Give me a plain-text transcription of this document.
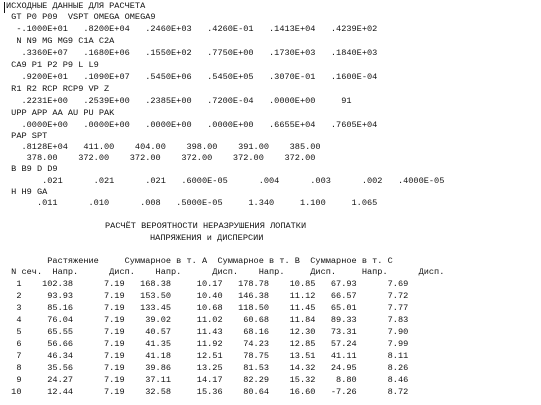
ИСХОДНЫЕ ДАННЫЕ ДЛЯ РАСЧЕТА
GT P0 P09  VSPT OMEGA OMEGA9
-.1000E+01   .8200E+04   .2460E+03   .4260E-01   .1413E+04   .4239E+02
N N9 MG MG9 C1A C2A
.3360E+07   .1680E+06   .1550E+02   .7750E+00   .1730E+03   .1840E+03
CA9 P1 P2 P9 L L9
.9200E+01   .1090E+07   .5450E+06   .5450E+05   .3070E-01   .1600E-04
R1 R2 RCP RCP9 VP Z
.2231E+00   .2539E+00   .2385E+00   .7200E-04   .0000E+00     91
UPP APP AA AU PU PAK
.0000E+00   .0000E+00   .0000E+00   .0000E+00   .6655E+04   .7605E+04
PAP SPT
.8128E+04   411.00    404.00    398.00    391.00    385.00
378.00    372.00    372.00    372.00    372.00    372.00
B B9 D D9
.021      .021      .021   .6000E-05      .004      .003      .002   .4000E-05
H H9 GA
.011      .010      .008   .5000E-05     1.340     1.100     1.065
РАСЧЁТ ВЕРОЯТНОСТИ НЕРАЗРУШЕНИЯ ЛОПАТКИ
НАПРЯЖЕНИЯ и ДИСПЕРСИИ
Растяжение     Суммарное в т. А  Суммарное в т. В  Суммарное в т. С
N сеч.  Напр.      Дисп.    Напр.      Дисп.    Напр.     Дисп.     Напр.      Дисп.
1    102.38      7.19   168.38     10.17   178.78    10.85   67.93      7.69
2     93.93      7.19   153.50     10.40   146.38    11.12   66.57      7.72
3     85.16      7.19   133.45     10.68   118.50    11.45   65.01      7.77
4     76.04      7.19    39.02     11.02    60.68    11.84   89.33      7.83
5     65.55      7.19    40.57     11.43    68.16    12.30   73.31      7.90
6     56.66      7.19    41.35     11.92    74.23    12.85   57.24      7.99
7     46.34      7.19    41.18     12.51    78.75    13.51   41.11      8.11
8     35.56      7.19    39.86     13.25    81.53    14.32   24.95      8.26
9     24.27      7.19    37.11     14.17    82.29    15.32    8.80      8.46
10     12.44      7.19    32.58     15.36    80.64    16.60   -7.26      8.72
